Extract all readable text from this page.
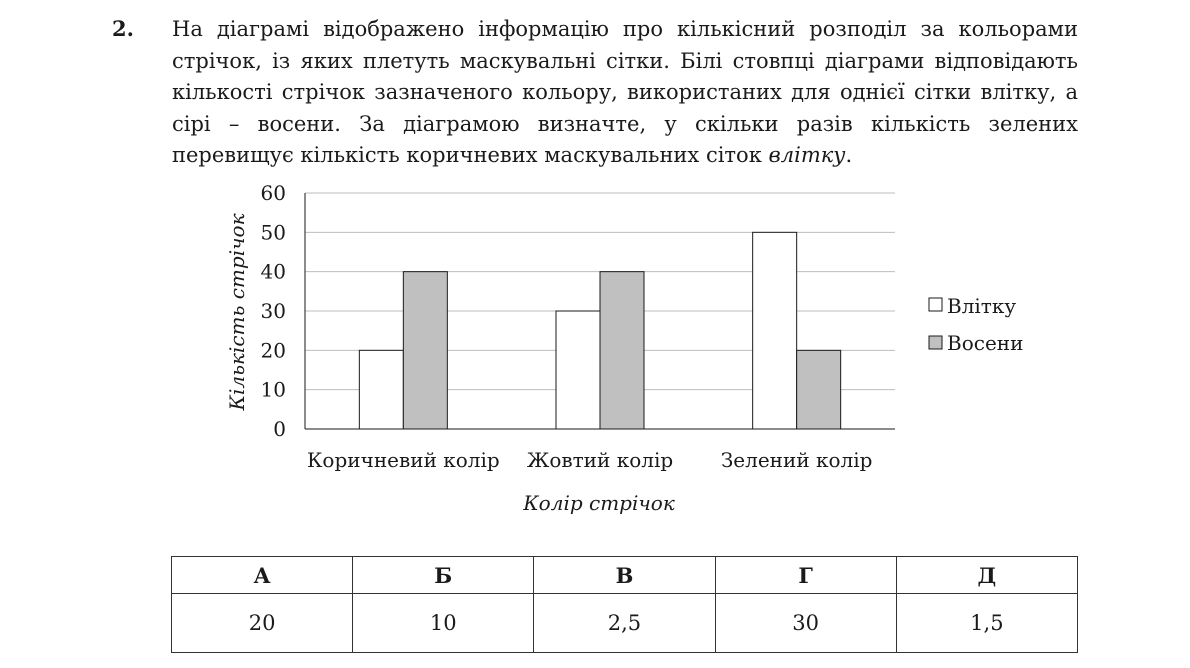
2. На діаграмі відображено інформацію про кількісний розподіл за кольорами стрічок, із яких плетуть маскувальні сітки. Білі стовпці діаграми відповідають кількості стрічок зазначеного кольору, використаних для однієї сітки влітку, а сірі – восени. За діаграмою визначте, у скільки разів кількість зелених перевищує кількість коричневих маскувальних сіток влітку.
0
10
20
30
40
50
60
Коричневий колір Жовтий колір Зелений колір
Кількість стрічок
Колір стрічок
Влітку
Восени
А	Б	В	Г	Д
20	10	2,5	30	1,5
